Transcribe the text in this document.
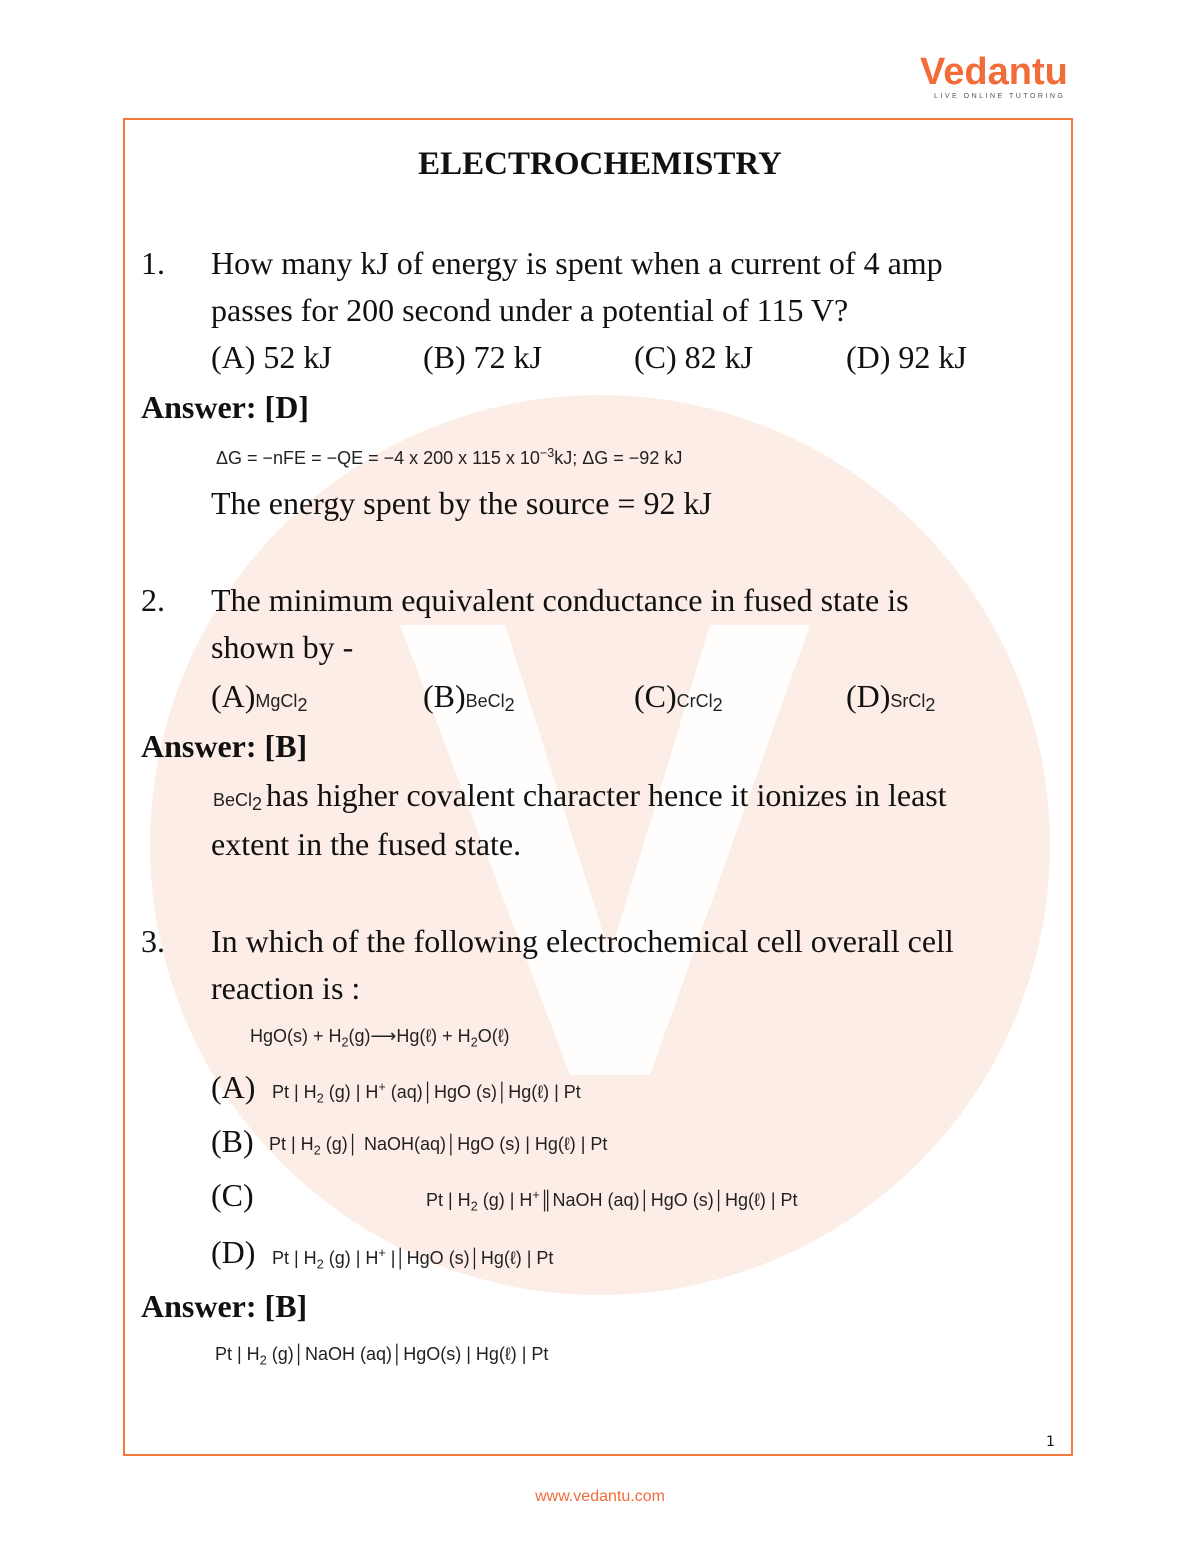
Vedantu
LIVE ONLINE TUTORING
ELECTROCHEMISTRY
1. How many kJ of energy is spent when a current of 4 amp
passes for 200 second under a potential of 115 V?
(A) 52 kJ	(B) 72 kJ	(C) 82 kJ	(D) 92 kJ
Answer: [D]
ΔG = −nFE = −QE = −4 x 200 x 115 x $10^{-3}kJ$; ΔG = −92 kJ
The energy spent by the source = 92 kJ
2. The minimum equivalent conductance in fused state is
shown by -
(A)MgCl$_2$	(B)BeCl$_2$	(C)CrCl$_2$	(D)SrCl$_2$
Answer: [B]
BeCl$_2$ has higher covalent character hence it ionizes in least
extent in the fused state.
3. In which of the following electrochemical cell overall cell
reaction is :
$HgO(s) + H_2(g)⟶Hg(\ell)$ + $H_2O(\ell)$
(A) Pt | $H_2$ (g) | H+ (aq)│HgO (s)│Hg(ℓ) | Pt
(B) Pt | $H_2$ (g)│ NaOH(aq)│HgO (s) | Hg(ℓ) | Pt
(C)	Pt | $H_2$ (g) | H+║NaOH (aq)│HgO (s)│Hg(ℓ) | Pt
(D) Pt | $H_2$ (g) | H+ |│HgO (s)│Hg(ℓ) | Pt
Answer: [B]
Pt | $H_2$ (g)│NaOH (aq)│HgO(s) | Hg(ℓ) | Pt
1
www.vedantu.com
